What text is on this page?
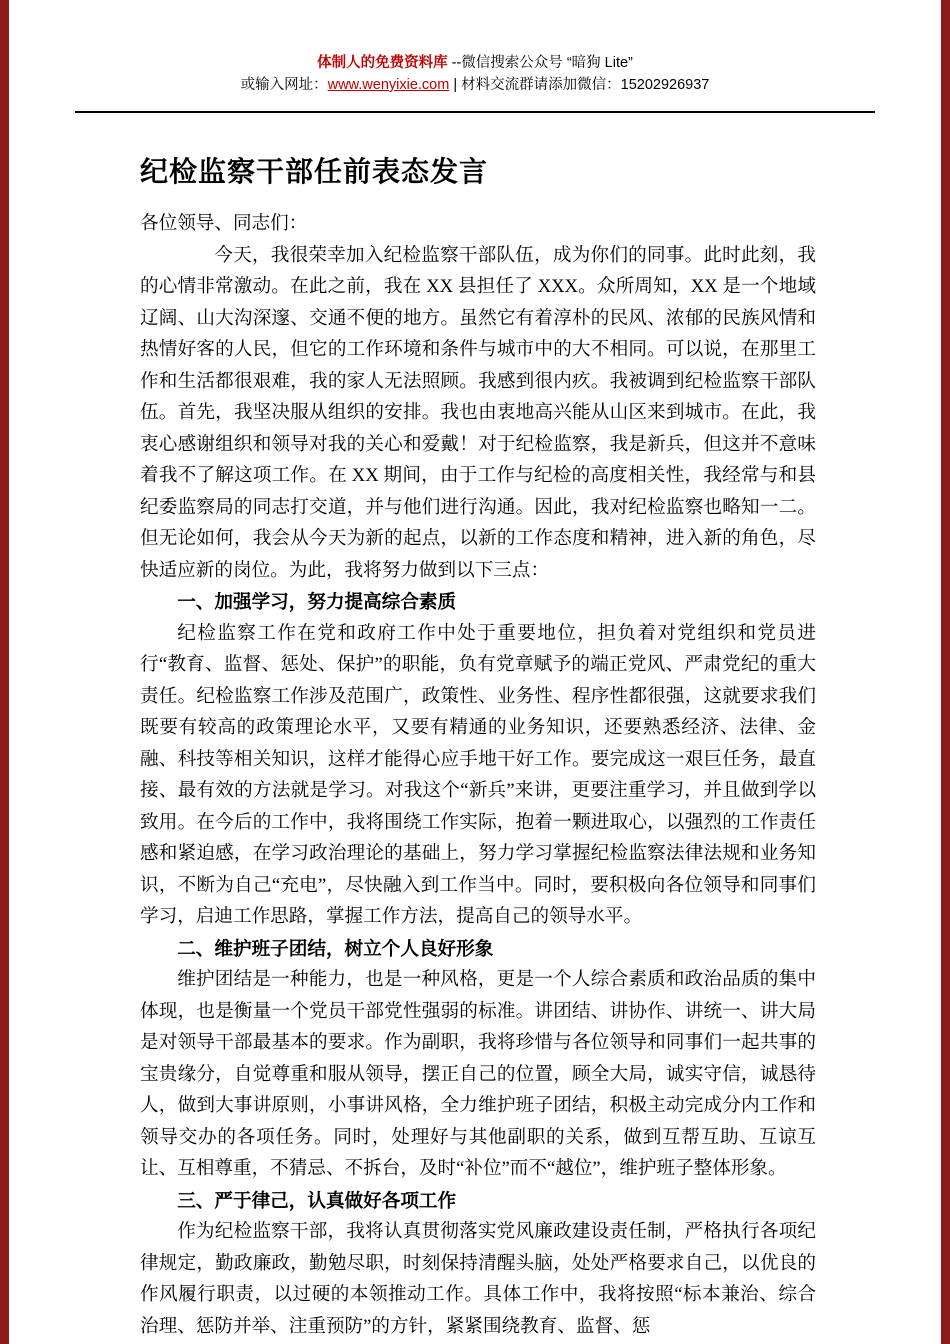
体制人的免费资料库 --微信搜索公众号 “暗狗 Lite”
或输入网址：www.wenyixie.com | 材料交流群请添加微信：15202926937
纪检监察干部任前表态发言

各位领导、同志们：

今天，我很荣幸加入纪检监察干部队伍，成为你们的同事。此时此刻，我的心情非常激动。在此之前，我在 XX 县担任了 XXX。众所周知，XX 是一个地域辽阔、山大沟深邃、交通不便的地方。虽然它有着淳朴的民风、浓郁的民族风情和热情好客的人民，但它的工作环境和条件与城市中的大不相同。可以说，在那里工作和生活都很艰难，我的家人无法照顾。我感到很内疚。我被调到纪检监察干部队伍。首先，我坚决服从组织的安排。我也由衷地高兴能从山区来到城市。在此，我衷心感谢组织和领导对我的关心和爱戴！对于纪检监察，我是新兵，但这并不意味着我不了解这项工作。在 XX 期间，由于工作与纪检的高度相关性，我经常与和县纪委监察局的同志打交道，并与他们进行沟通。因此，我对纪检监察也略知一二。但无论如何，我会从今天为新的起点，以新的工作态度和精神，进入新的角色，尽快适应新的岗位。为此，我将努力做到以下三点：

一、加强学习，努力提高综合素质

纪检监察工作在党和政府工作中处于重要地位，担负着对党组织和党员进行“教育、监督、惩处、保护”的职能，负有党章赋予的端正党风、严肃党纪的重大责任。纪检监察工作涉及范围广，政策性、业务性、程序性都很强，这就要求我们既要有较高的政策理论水平，又要有精通的业务知识，还要熟悉经济、法律、金融、科技等相关知识，这样才能得心应手地干好工作。要完成这一艰巨任务，最直接、最有效的方法就是学习。对我这个“新兵”来讲，更要注重学习，并且做到学以致用。在今后的工作中，我将围绕工作实际，抱着一颗进取心，以强烈的工作责任感和紧迫感，在学习政治理论的基础上，努力学习掌握纪检监察法律法规和业务知识，不断为自己“充电”，尽快融入到工作当中。同时，要积极向各位领导和同事们学习，启迪工作思路，掌握工作方法，提高自己的领导水平。

二、维护班子团结，树立个人良好形象

维护团结是一种能力，也是一种风格，更是一个人综合素质和政治品质的集中体现，也是衡量一个党员干部党性强弱的标准。讲团结、讲协作、讲统一、讲大局是对领导干部最基本的要求。作为副职，我将珍惜与各位领导和同事们一起共事的宝贵缘分，自觉尊重和服从领导，摆正自己的位置，顾全大局，诚实守信，诚恳待人，做到大事讲原则，小事讲风格，全力维护班子团结，积极主动完成分内工作和领导交办的各项任务。同时，处理好与其他副职的关系，做到互帮互助、互谅互让、互相尊重，不猜忌、不拆台，及时“补位”而不“越位”，维护班子整体形象。

三、严于律己，认真做好各项工作

作为纪检监察干部，我将认真贯彻落实党风廉政建设责任制，严格执行各项纪律规定，勤政廉政，勤勉尽职，时刻保持清醒头脑，处处严格要求自己，以优良的作风履行职责，以过硬的本领推动工作。具体工作中，我将按照“标本兼治、综合治理、惩防并举、注重预防”的方针，紧紧围绕教育、监督、惩
